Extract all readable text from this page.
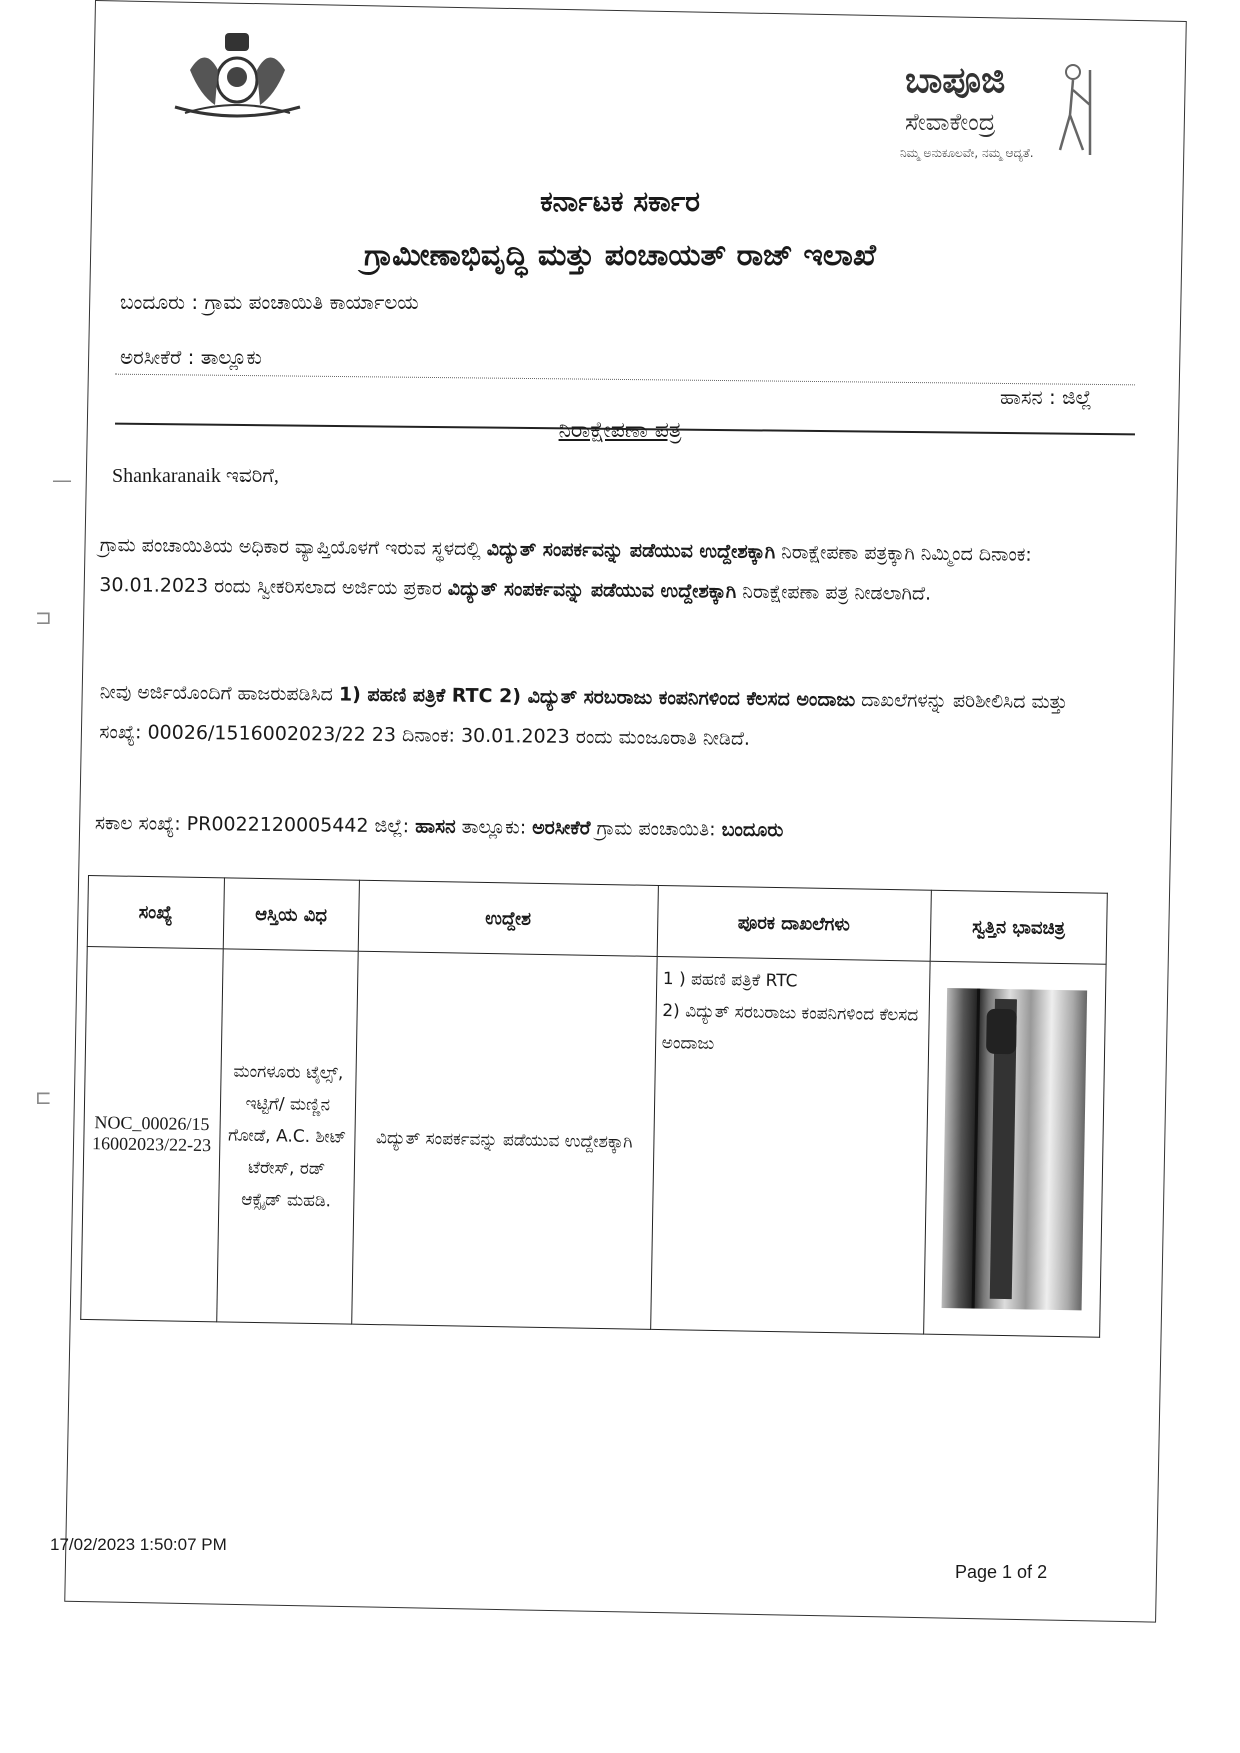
ಬಾಪೂಜಿ
ಸೇವಾಕೇಂದ್ರ
ನಿಮ್ಮ ಅನುಕೂಲವೇ, ನಮ್ಮ ಆದ್ಯತೆ.
ಕರ್ನಾಟಕ ಸರ್ಕಾರ
ಗ್ರಾಮೀಣಾಭಿವೃದ್ಧಿ ಮತ್ತು ಪಂಚಾಯತ್ ರಾಜ್ ಇಲಾಖೆ
ಬಂದೂರು : ಗ್ರಾಮ ಪಂಚಾಯಿತಿ ಕಾರ್ಯಾಲಯ
ಅರಸೀಕೆರೆ : ತಾಲ್ಲೂಕು
ಹಾಸನ : ಜಿಲ್ಲೆ
ನಿರಾಕ್ಷೇಪಣಾ ಪತ್ರ
Shankaranaik ಇವರಿಗೆ,
ಗ್ರಾಮ ಪಂಚಾಯಿತಿಯ ಅಧಿಕಾರ ವ್ಯಾಪ್ತಿಯೊಳಗೆ ಇರುವ ಸ್ಥಳದಲ್ಲಿ ವಿದ್ಯುತ್ ಸಂಪರ್ಕವನ್ನು ಪಡೆಯುವ ಉದ್ದೇಶಕ್ಕಾಗಿ ನಿರಾಕ್ಷೇಪಣಾ ಪತ್ರಕ್ಕಾಗಿ ನಿಮ್ಮಿಂದ ದಿನಾಂಕ: 30.01.2023 ರಂದು ಸ್ವೀಕರಿಸಲಾದ ಅರ್ಜಿಯ ಪ್ರಕಾರ ವಿದ್ಯುತ್ ಸಂಪರ್ಕವನ್ನು ಪಡೆಯುವ ಉದ್ದೇಶಕ್ಕಾಗಿ ನಿರಾಕ್ಷೇಪಣಾ ಪತ್ರ ನೀಡಲಾಗಿದೆ.
ನೀವು ಅರ್ಜಿಯೊಂದಿಗೆ ಹಾಜರುಪಡಿಸಿದ 1) ಪಹಣಿ ಪತ್ರಿಕೆ RTC 2) ವಿದ್ಯುತ್ ಸರಬರಾಜು ಕಂಪನಿಗಳಿಂದ ಕೆಲಸದ ಅಂದಾಜು ದಾಖಲೆಗಳನ್ನು ಪರಿಶೀಲಿಸಿದ ಮತ್ತು ಸಂಖ್ಯೆ: 00026/1516002023/22 23 ದಿನಾಂಕ: 30.01.2023 ರಂದು ಮಂಜೂರಾತಿ ನೀಡಿದೆ.
ಸಕಾಲ ಸಂಖ್ಯೆ: PR0022120005442 ಜಿಲ್ಲೆ: ಹಾಸನ ತಾಲ್ಲೂಕು: ಅರಸೀಕೆರೆ ಗ್ರಾಮ ಪಂಚಾಯಿತಿ: ಬಂದೂರು
ಸಂಖ್ಯೆ	ಆಸ್ತಿಯ ವಿಧ	ಉದ್ದೇಶ	ಪೂರಕ ದಾಖಲೆಗಳು	ಸ್ವತ್ತಿನ ಭಾವಚಿತ್ರ
NOC_00026/1516002023/22-23	ಮಂಗಳೂರು ಟೈಲ್ಸ್, ಇಟ್ಟಿಗೆ/ ಮಣ್ಣಿನ ಗೋಡೆ, A.C. ಶೀಟ್ ಟೆರೇಸ್, ರಡ್ ಆಕ್ಸೈಡ್ ಮಹಡಿ.	ವಿದ್ಯುತ್ ಸಂಪರ್ಕವನ್ನು ಪಡೆಯುವ ಉದ್ದೇಶಕ್ಕಾಗಿ	1 ) ಪಹಣಿ ಪತ್ರಿಕೆ RTC
2) ವಿದ್ಯುತ್ ಸರಬರಾಜು ಕಂಪನಿಗಳಿಂದ ಕೆಲಸದ ಅಂದಾಜು	

—
⊐
⊏
17/02/2023 1:50:07 PM
Page 1 of 2
